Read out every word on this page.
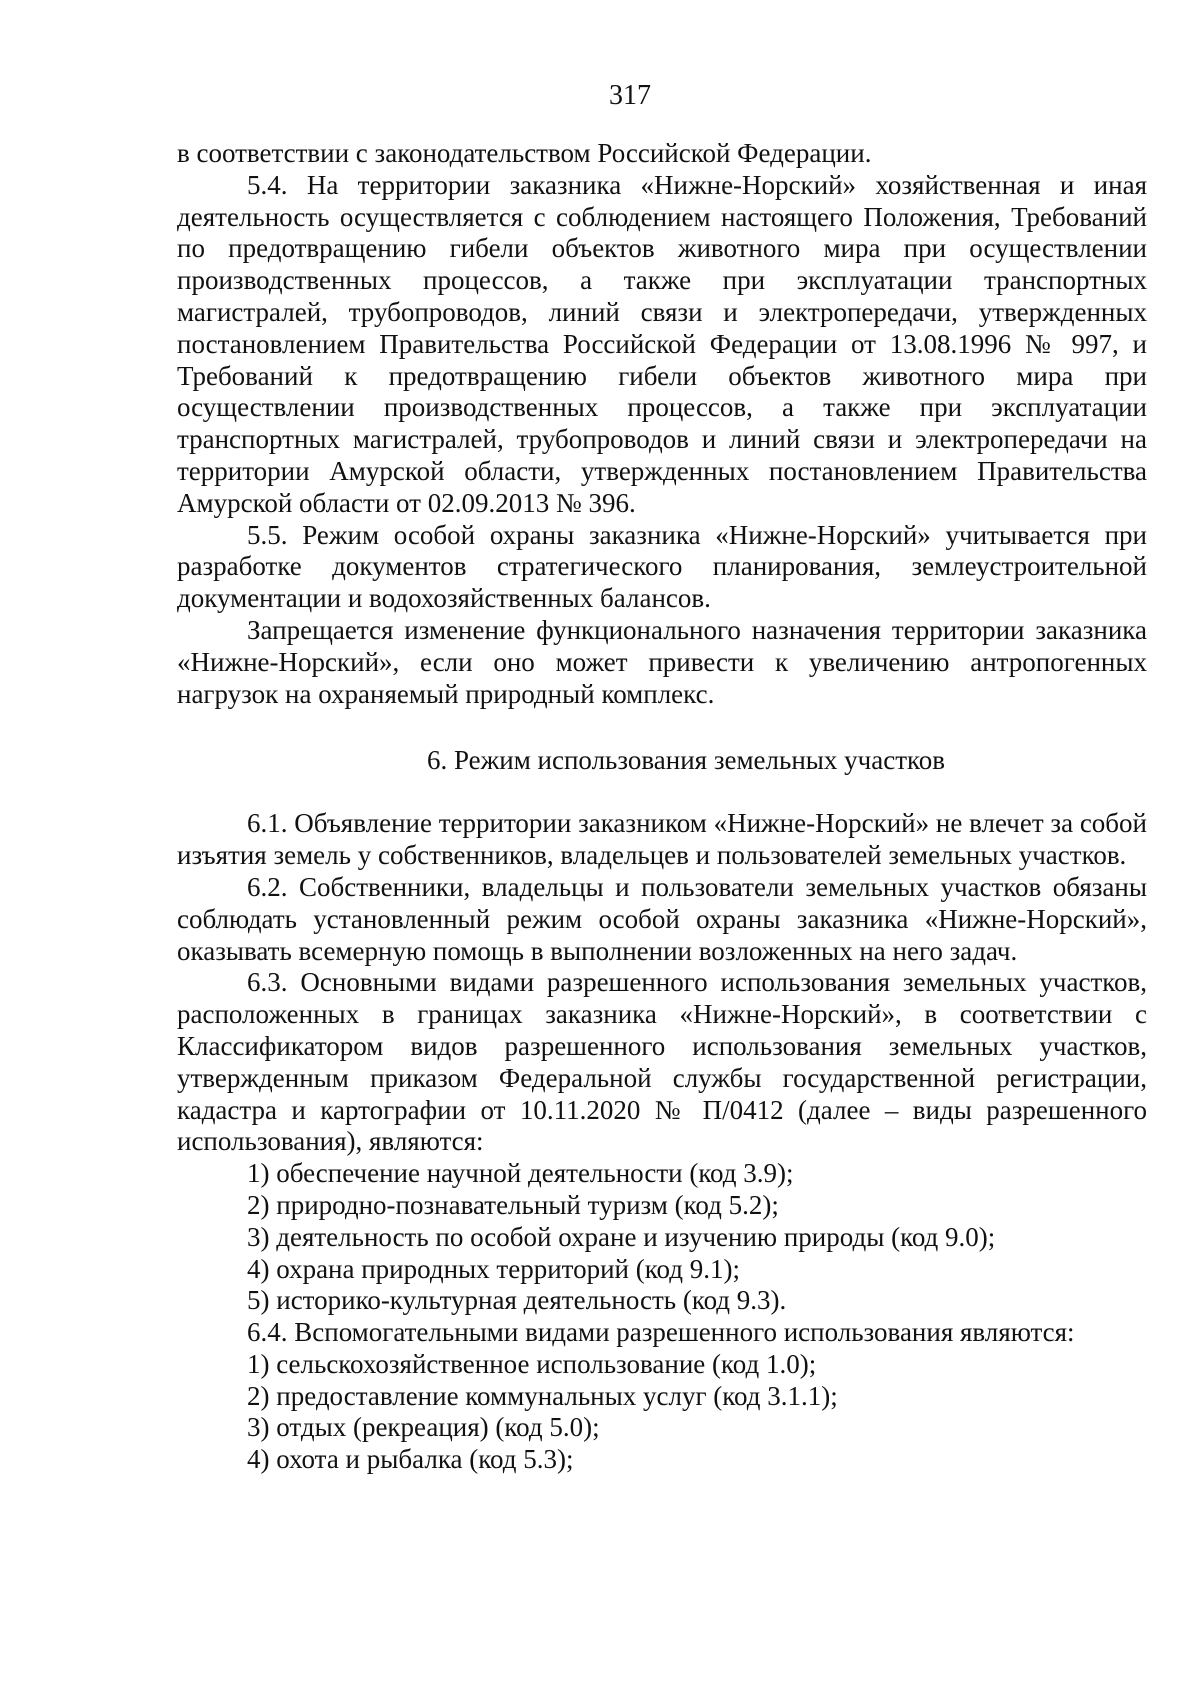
317

в соответствии с законодательством Российской Федерации.

5.4. На территории заказника «Нижне-Норский» хозяйственная и иная деятельность осуществляется с соблюдением настоящего Положения, Требований по предотвращению гибели объектов животного мира при осуществлении производственных процессов, а также при эксплуатации транспортных магистралей, трубопроводов, линий связи и электропередачи, утвержденных постановлением Правительства Российской Федерации от 13.08.1996 № 997, и Требований к предотвращению гибели объектов животного мира при осуществлении производственных процессов, а также при эксплуатации транспортных магистралей, трубопроводов и линий связи и электропередачи на территории Амурской области, утвержденных постановлением Правительства Амурской области от 02.09.2013 № 396.

5.5. Режим особой охраны заказника «Нижне-Норский» учитывается при разработке документов стратегического планирования, землеустроительной документации и водохозяйственных балансов.

Запрещается изменение функционального назначения территории заказника «Нижне-Норский», если оно может привести к увеличению антропогенных нагрузок на охраняемый природный комплекс.

6. Режим использования земельных участков

6.1. Объявление территории заказником «Нижне-Норский» не влечет за собой изъятия земель у собственников, владельцев и пользователей земельных участков.

6.2. Собственники, владельцы и пользователи земельных участков обязаны соблюдать установленный режим особой охраны заказника «Нижне-Норский», оказывать всемерную помощь в выполнении возложенных на него задач.

6.3. Основными видами разрешенного использования земельных участков, расположенных в границах заказника «Нижне-Норский», в соответствии с Классификатором видов разрешенного использования земельных участков, утвержденным приказом Федеральной службы государственной регистрации, кадастра и картографии от 10.11.2020 № П/0412 (далее – виды разрешенного использования), являются:

1) обеспечение научной деятельности (код 3.9);

2) природно-познавательный туризм (код 5.2);

3) деятельность по особой охране и изучению природы (код 9.0);

4) охрана природных территорий (код 9.1);

5) историко-культурная деятельность (код 9.3).

6.4. Вспомогательными видами разрешенного использования являются:

1) сельскохозяйственное использование (код 1.0);

2) предоставление коммунальных услуг (код 3.1.1);

3) отдых (рекреация) (код 5.0);

4) охота и рыбалка (код 5.3);
